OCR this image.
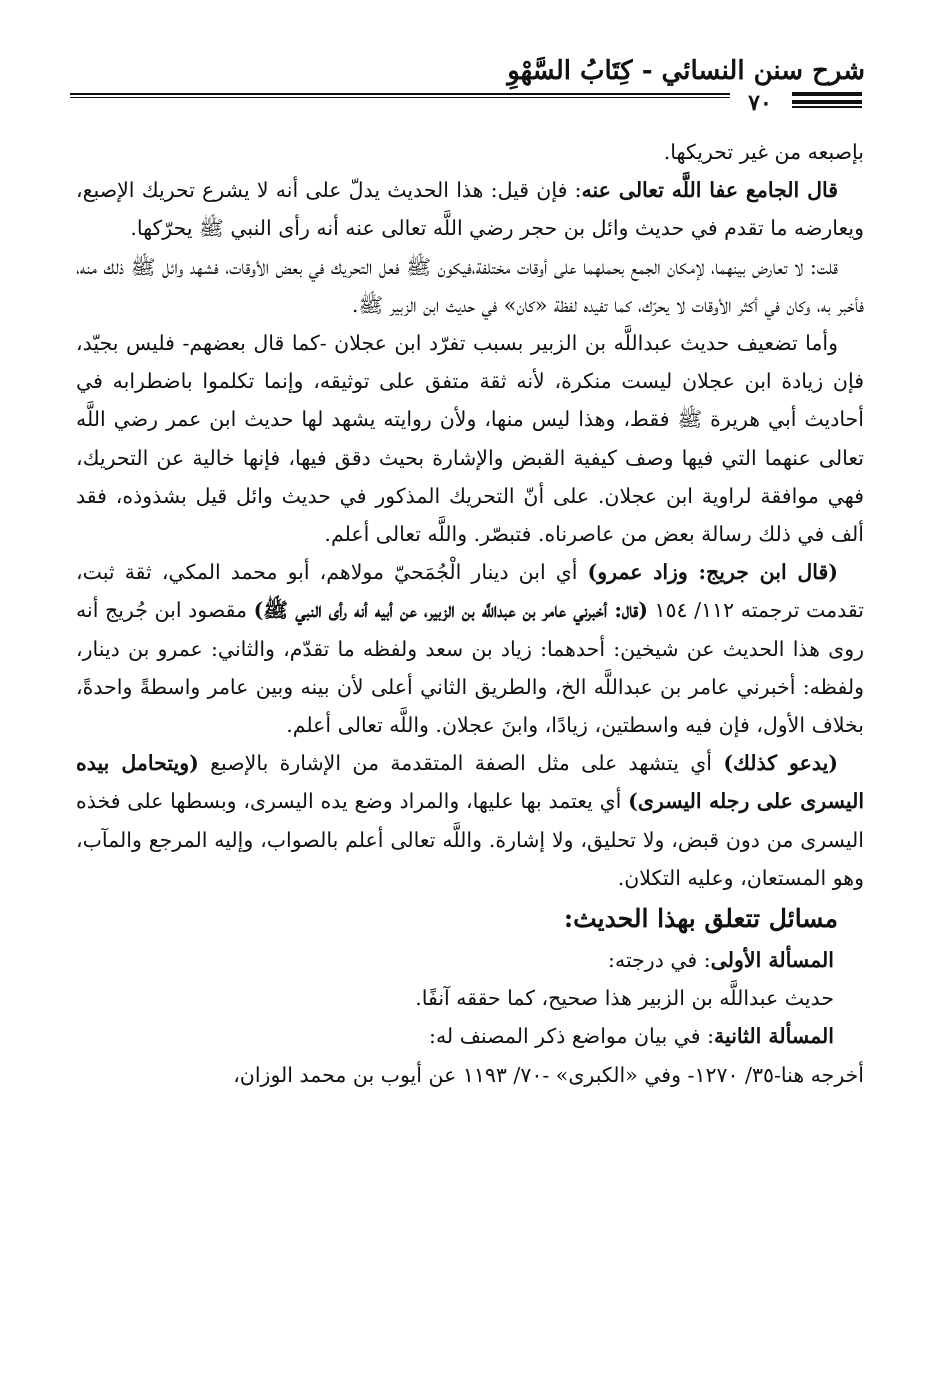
شرح سنن النسائي - كِتَابُ السَّهْوِ
٧٠

بإصبعه من غير تحريكها.

قال الجامع عفا اللَّه تعالى عنه: فإن قيل: هذا الحديث يدلّ على أنه لا يشرع تحريك الإصبع، ويعارضه ما تقدم في حديث وائل بن حجر رضي اللَّه تعالى عنه أنه رأى النبي ﷺ يحرّكها.

قلت: لا تعارض بينهما، لإمكان الجمع بحملهما على أوقات مختلفة،فيكون ﷺ فعل التحريك في بعض الأوقات، فشهد وائل ﷺ ذلك منه، فأخبر به، وكان في أكثر الأوقات لا يحرّك، كما تفيده لفظة «كان» في حديث ابن الزبير ﷺ.

وأما تضعيف حديث عبداللَّه بن الزبير بسبب تفرّد ابن عجلان -كما قال بعضهم- فليس بجيّد، فإن زيادة ابن عجلان ليست منكرة، لأنه ثقة متفق على توثيقه، وإنما تكلموا باضطرابه في أحاديث أبي هريرة ﷺ فقط، وهذا ليس منها، ولأن روايته يشهد لها حديث ابن عمر رضي اللَّه تعالى عنهما التي فيها وصف كيفية القبض والإشارة بحيث دقق فيها، فإنها خالية عن التحريك، فهي موافقة لراوية ابن عجلان. على أنّ التحريك المذكور في حديث وائل قيل بشذوذه، فقد ألف في ذلك رسالة بعض من عاصرناه. فتبصّر. واللَّه تعالى أعلم.

(قال ابن جريج: وزاد عمرو) أي ابن دينار الْجُمَحيّ مولاهم، أبو محمد المكي، ثقة ثبت، تقدمت ترجمته ١١٢/ ١٥٤ (قال: أخبرني عامر بن عبداللَّه بن الزبير، عن أبيه أنه رأى النبي ﷺ) مقصود ابن جُريج أنه روى هذا الحديث عن شيخين: أحدهما: زياد بن سعد ولفظه ما تقدّم، والثاني: عمرو بن دينار، ولفظه: أخبرني عامر بن عبداللَّه الخ، والطريق الثاني أعلى لأن بينه وبين عامر واسطةً واحدةً، بخلاف الأول، فإن فيه واسطتين، زيادًا، وابنَ عجلان. واللَّه تعالى أعلم.

(يدعو كذلك) أي يتشهد على مثل الصفة المتقدمة من الإشارة بالإصبع (ويتحامل بيده اليسرى على رجله اليسرى) أي يعتمد بها عليها، والمراد وضع يده اليسرى، وبسطها على فخذه اليسرى من دون قبض، ولا تحليق، ولا إشارة. واللَّه تعالى أعلم بالصواب، وإليه المرجع والمآب، وهو المستعان، وعليه التكلان.

مسائل تتعلق بهذا الحديث:

المسألة الأولى: في درجته:

حديث عبداللَّه بن الزبير هذا صحيح، كما حققه آنفًا.

المسألة الثانية: في بيان مواضع ذكر المصنف له:

أخرجه هنا-٣٥/ ١٢٧٠- وفي «الكبرى» -٧٠/ ١١٩٣ عن أيوب بن محمد الوزان،
